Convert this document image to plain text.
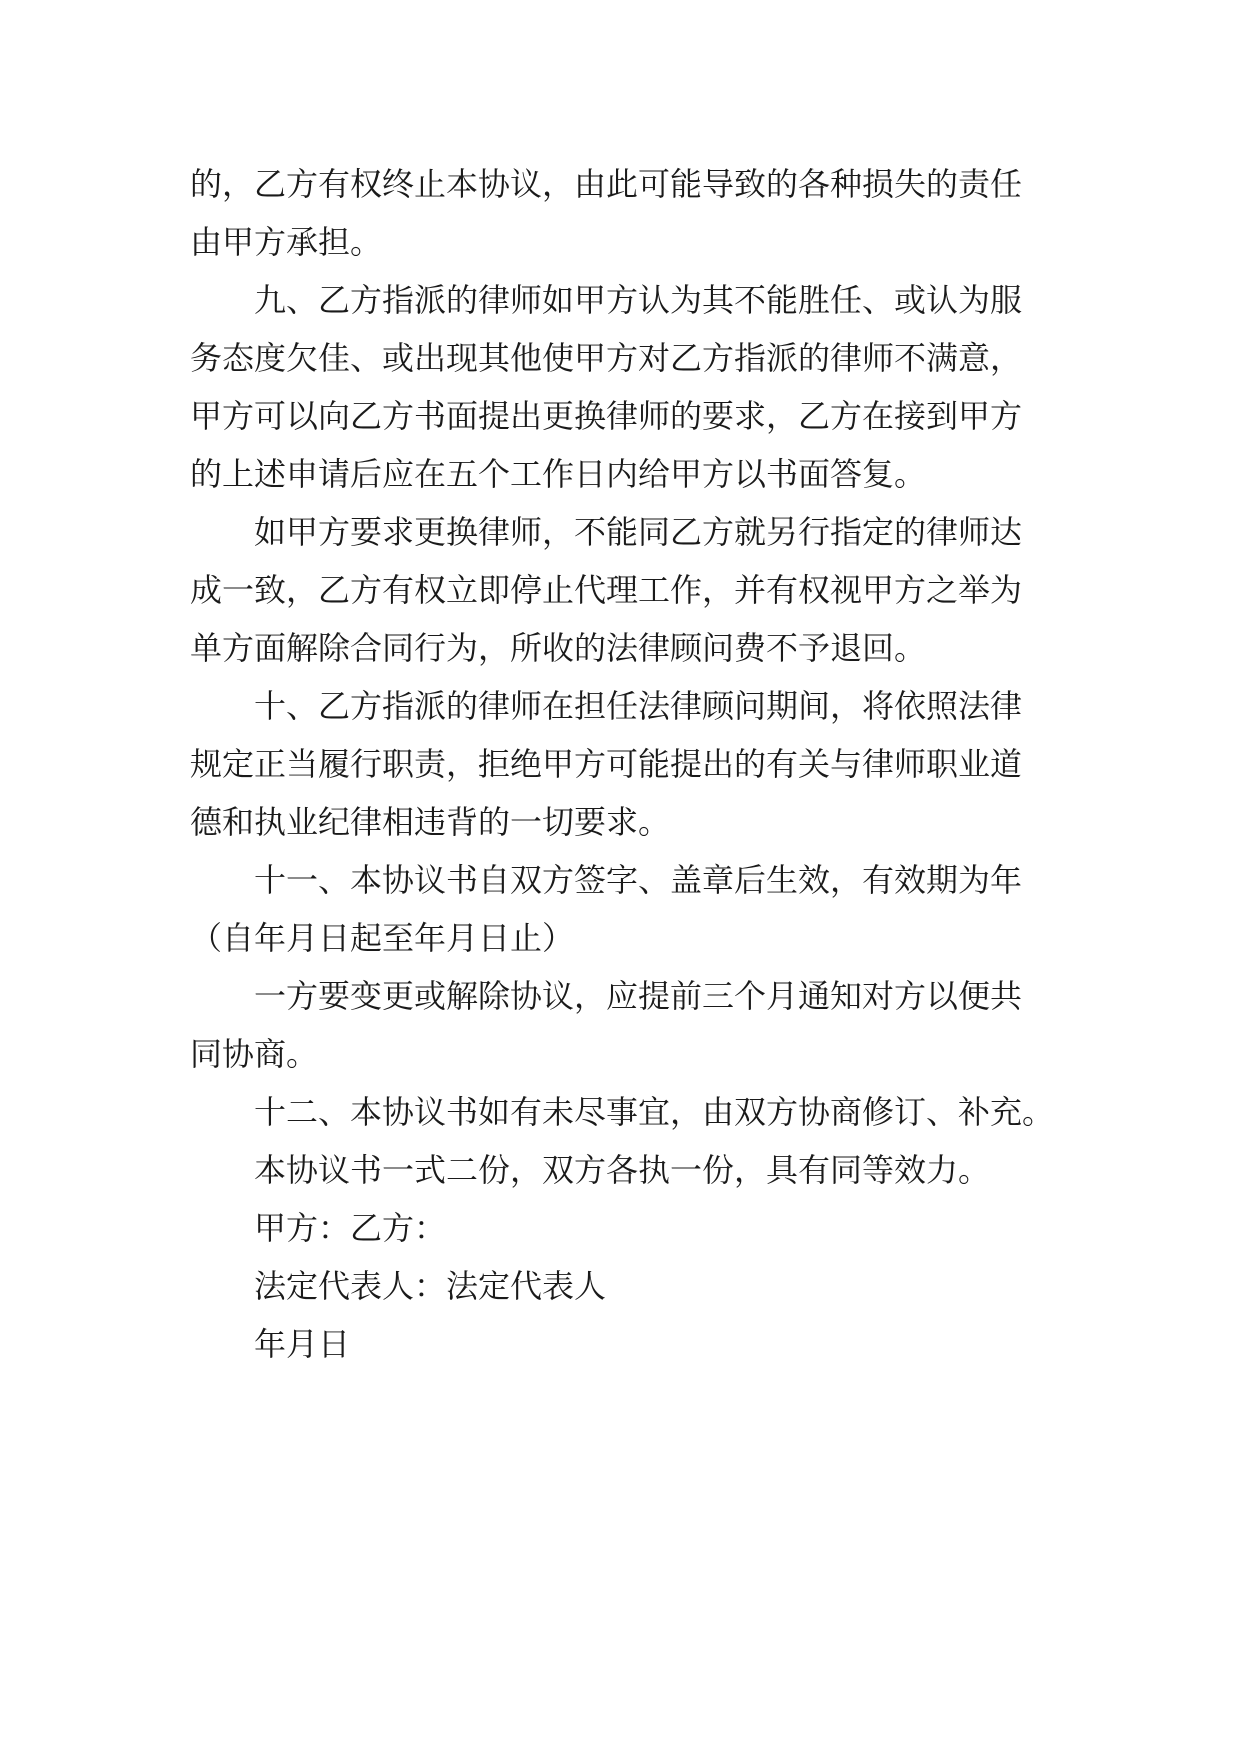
的，乙方有权终止本协议，由此可能导致的各种损失的责任

由甲方承担。

九、乙方指派的律师如甲方认为其不能胜任、或认为服

务态度欠佳、或出现其他使甲方对乙方指派的律师不满意，

甲方可以向乙方书面提出更换律师的要求，乙方在接到甲方

的上述申请后应在五个工作日内给甲方以书面答复。

如甲方要求更换律师，不能同乙方就另行指定的律师达

成一致，乙方有权立即停止代理工作，并有权视甲方之举为

单方面解除合同行为，所收的法律顾问费不予退回。

十、乙方指派的律师在担任法律顾问期间，将依照法律

规定正当履行职责，拒绝甲方可能提出的有关与律师职业道

德和执业纪律相违背的一切要求。

十一、本协议书自双方签字、盖章后生效，有效期为年

（自年月日起至年月日止）

一方要变更或解除协议，应提前三个月通知对方以便共

同协商。

十二、本协议书如有未尽事宜，由双方协商修订、补充。

本协议书一式二份，双方各执一份，具有同等效力。

甲方：乙方：

法定代表人：法定代表人

年月日
